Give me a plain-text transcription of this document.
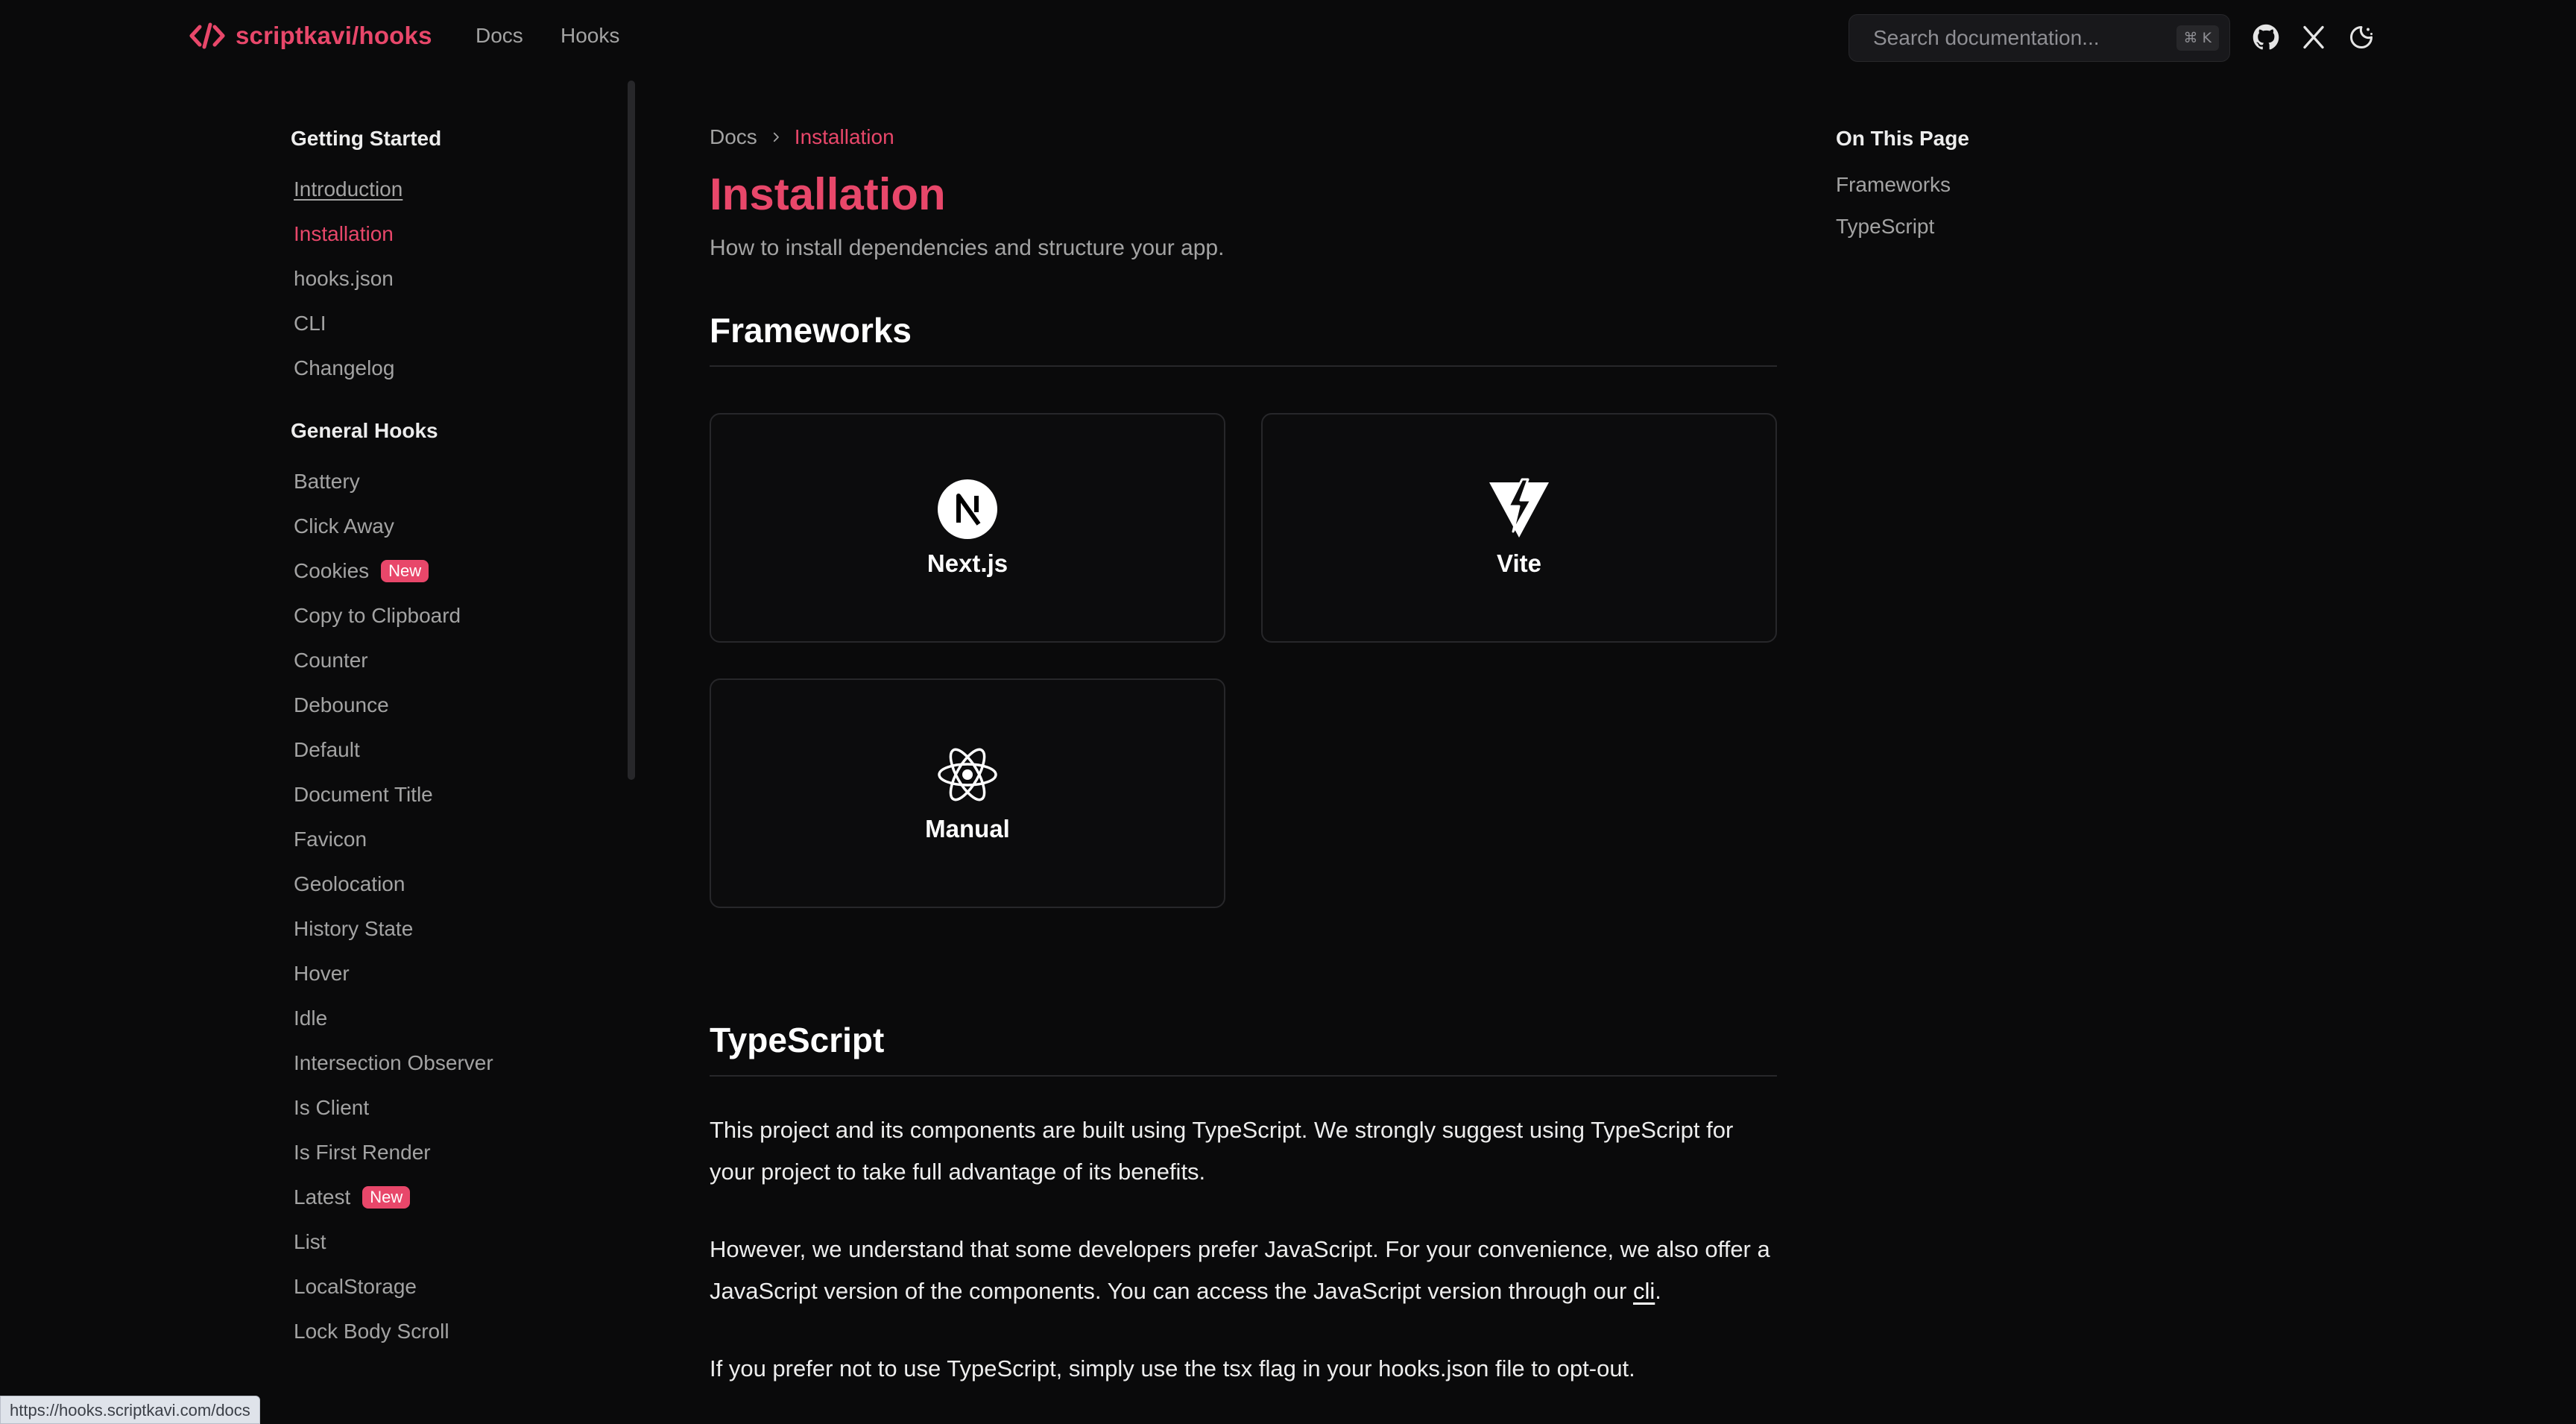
scriptkavi/hooks Docs Hooks	Search documentation...	⌘ K
Getting Started
Introduction
Installation
hooks.json
CLI
Changelog
General Hooks
Battery
Click Away
Cookies	New
Copy to Clipboard
Counter
Debounce
Default
Document Title
Favicon
Geolocation
History State
Hover
Idle
Intersection Observer
Is Client
Is First Render
Latest	New
List
LocalStorage
Lock Body Scroll
Docs Installation
Installation

How to install dependencies and structure your app.

Frameworks
Next.js	Vite
Manual
TypeScript

This project and its components are built using TypeScript. We strongly suggest using TypeScript for your project to take full advantage of its benefits.

However, we understand that some developers prefer JavaScript. For your convenience, we also offer a JavaScript version of the components. You can access the JavaScript version through our cli.

If you prefer not to use TypeScript, simply use the tsx flag in your hooks.json file to opt-out.

On This Page
Frameworks
TypeScript
https://hooks.scriptkavi.com/docs
